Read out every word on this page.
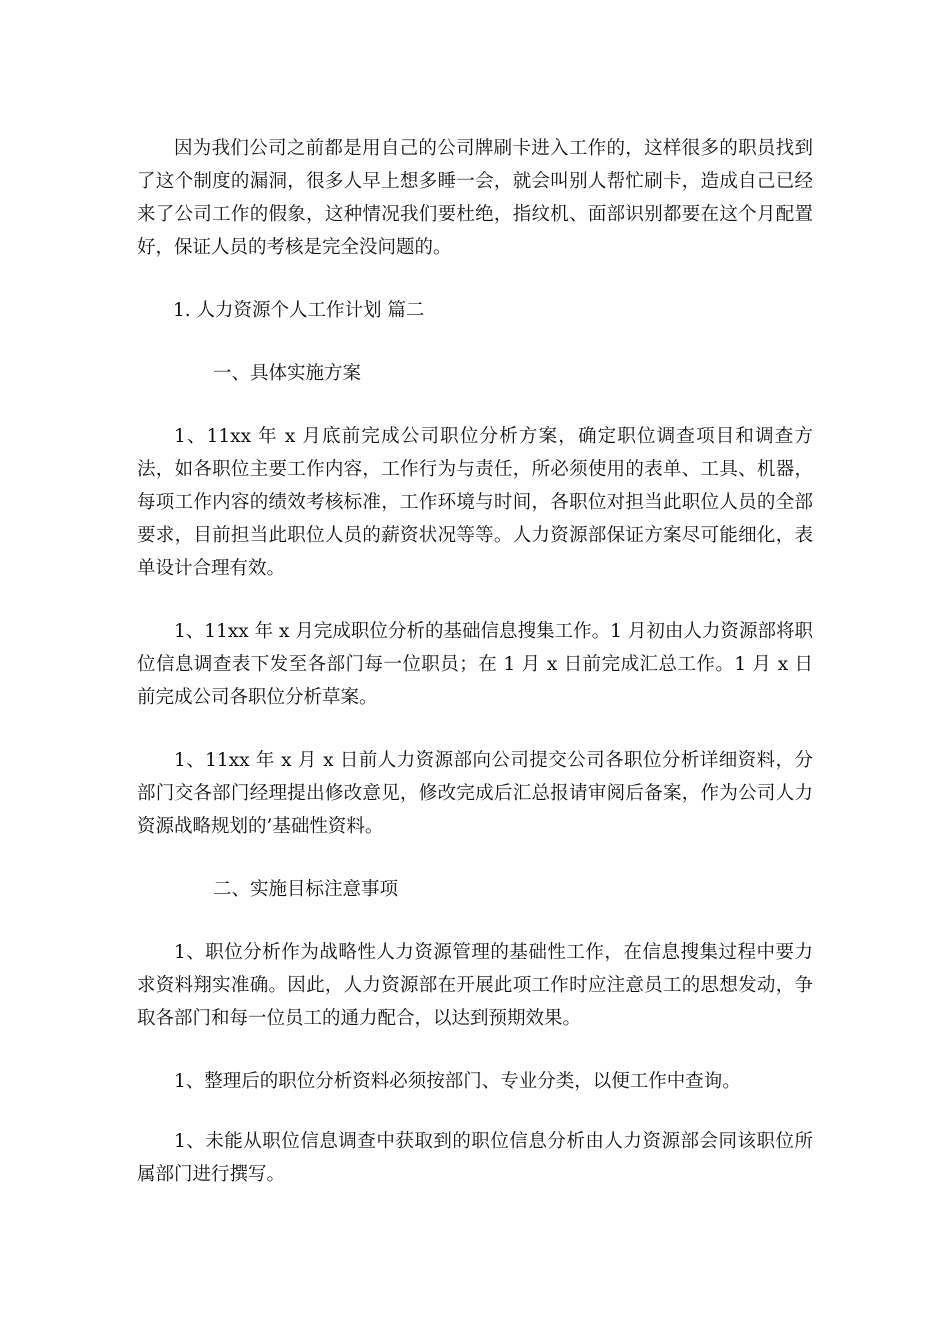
因为我们公司之前都是用自己的公司牌刷卡进入工作的，这样很多的职员找到了这个制度的漏洞，很多人早上想多睡一会，就会叫别人帮忙刷卡，造成自己已经来了公司工作的假象，这种情况我们要杜绝，指纹机、面部识别都要在这个月配置好，保证人员的考核是完全没问题的。

1. 人力资源个人工作计划 篇二
一、具体实施方案

1、11xx 年 x 月底前完成公司职位分析方案，确定职位调查项目和调查方法，如各职位主要工作内容，工作行为与责任，所必须使用的表单、工具、机器，每项工作内容的绩效考核标准，工作环境与时间，各职位对担当此职位人员的全部要求，目前担当此职位人员的薪资状况等等。人力资源部保证方案尽可能细化，表单设计合理有效。

1、11xx 年 x 月完成职位分析的基础信息搜集工作。1 月初由人力资源部将职位信息调查表下发至各部门每一位职员；在 1 月 x 日前完成汇总工作。1 月 x 日前完成公司各职位分析草案。

1、11xx 年 x 月 x 日前人力资源部向公司提交公司各职位分析详细资料，分部门交各部门经理提出修改意见，修改完成后汇总报请审阅后备案，作为公司人力资源战略规划的’基础性资料。

二、实施目标注意事项

1、职位分析作为战略性人力资源管理的基础性工作，在信息搜集过程中要力求资料翔实准确。因此，人力资源部在开展此项工作时应注意员工的思想发动，争取各部门和每一位员工的通力配合，以达到预期效果。

1、整理后的职位分析资料必须按部门、专业分类，以便工作中查询。

1、未能从职位信息调查中获取到的职位信息分析由人力资源部会同该职位所属部门进行撰写。
